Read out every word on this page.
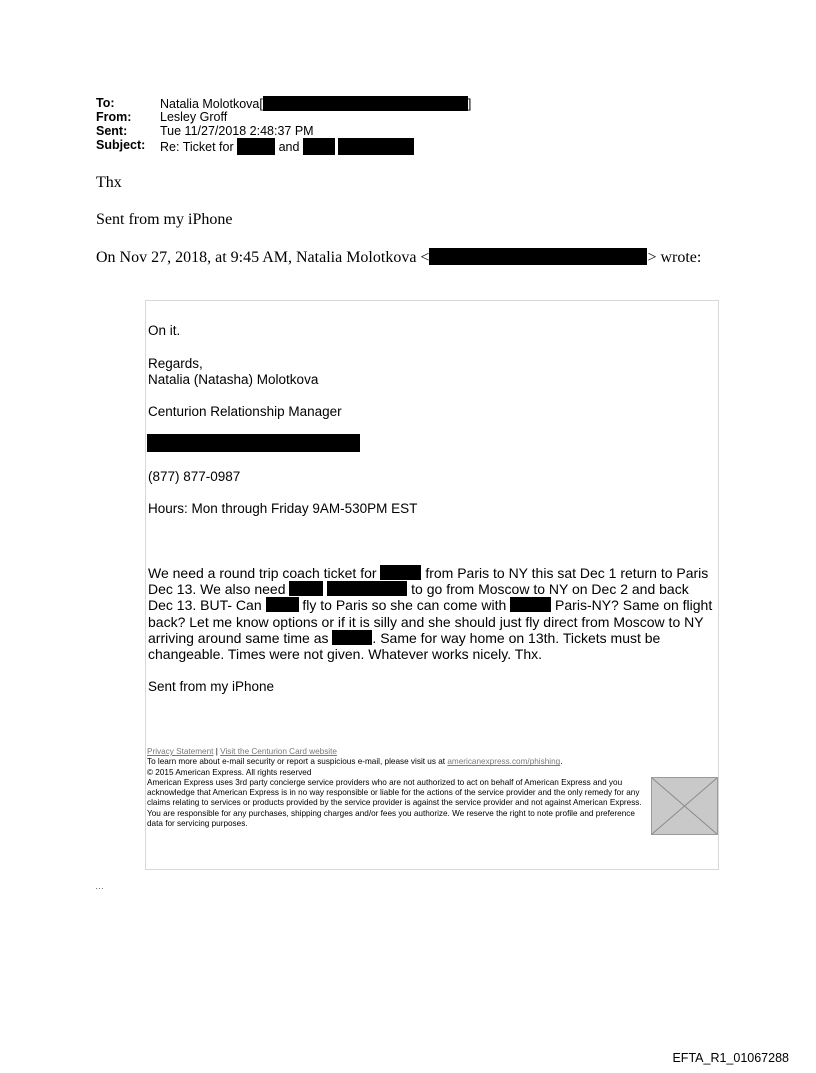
To:	Natalia Molotkova[	]
From:	Lesley Groff
Sent:	Tue 11/27/2018 2:48:37 PM
Subject:	Re: Ticket for	and
Thx
Sent from my iPhone
On Nov 27, 2018, at 9:45 AM, Natalia Molotkova <	> wrote:
On it.
Regards,
Natalia (Natasha) Molotkova
Centurion Relationship Manager
(877) 877-0987
Hours: Mon through Friday 9AM-530PM EST
We need a round trip coach ticket for	from Paris to NY this sat Dec 1 return to Paris Dec 13. We also need	to go from Moscow to NY on Dec 2 and back Dec 13. BUT- Can	fly to Paris so she can come with	Paris-NY? Same on flight back? Let me know options or if it is silly and she should just fly direct from Moscow to NY arriving around same time as	. Same for way home on 13th. Tickets must be changeable. Times were not given. Whatever works nicely. Thx.
Sent from my iPhone
Privacy Statement | Visit the Centurion Card website
To learn more about e-mail security or report a suspicious e-mail, please visit us at americanexpress.com/phishing.
© 2015 American Express. All rights reserved
American Express uses 3rd party concierge service providers who are not authorized to act on behalf of American Express and you acknowledge that American Express is in no way responsible or liable for the actions of the service provider and the only remedy for any claims relating to services or products provided by the service provider is against the service provider and not against American Express. You are responsible for any purchases, shipping charges and/or fees you authorize. We reserve the right to note profile and preference data for servicing purposes.
…
EFTA_R1_01067288
